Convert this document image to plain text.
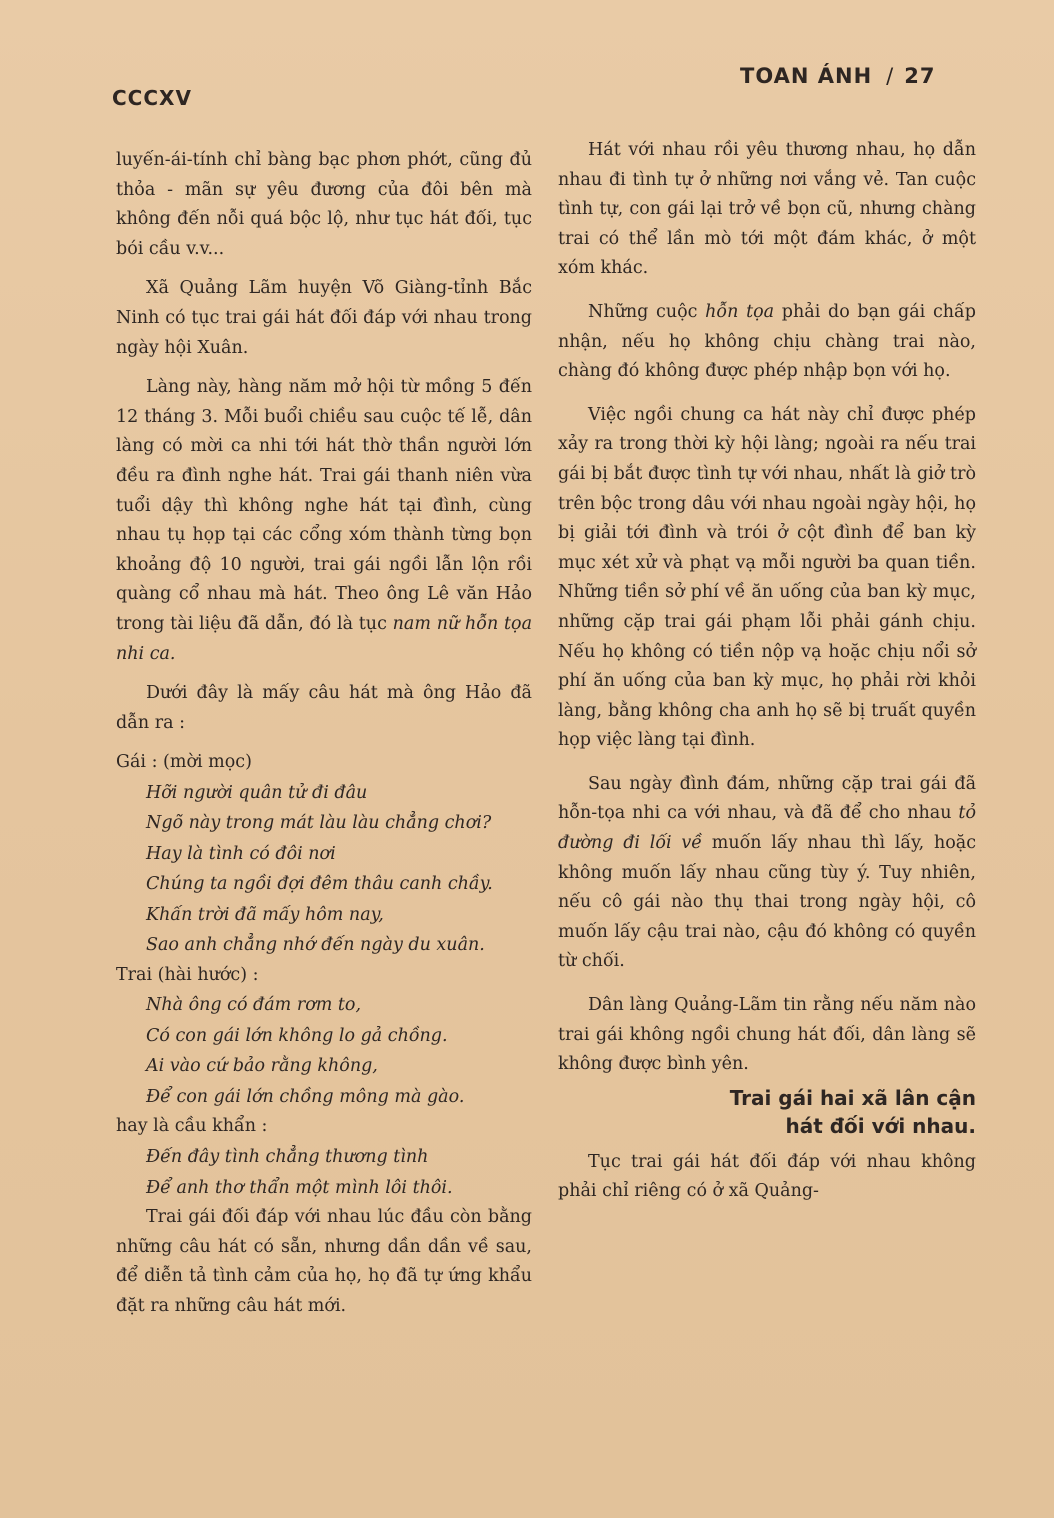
CCCXV
TOAN ÁNH / 27

luyến-ái-tính chỉ bàng bạc phơn phớt, cũng đủ thỏa - mãn sự yêu đương của đôi bên mà không đến nỗi quá bộc lộ, như tục hát đối, tục bói cầu v.v...

Xã Quảng Lãm huyện Võ Giàng-tỉnh Bắc Ninh có tục trai gái hát đối đáp với nhau trong ngày hội Xuân.

Làng này, hàng năm mở hội từ mồng 5 đến 12 tháng 3. Mỗi buổi chiều sau cuộc tế lễ, dân làng có mời ca nhi tới hát thờ thần người lớn đều ra đình nghe hát. Trai gái thanh niên vừa tuổi dậy thì không nghe hát tại đình, cùng nhau tụ họp tại các cổng xóm thành từng bọn khoảng độ 10 người, trai gái ngồi lẫn lộn rồi quàng cổ nhau mà hát. Theo ông Lê văn Hảo trong tài liệu đã dẫn, đó là tục nam nữ hỗn tọa nhi ca.

Dưới đây là mấy câu hát mà ông Hảo đã dẫn ra :

Gái : (mời mọc)

Hỡi người quân tử đi đâu
Ngõ này trong mát làu làu chẳng chơi?
Hay là tình có đôi nơi
Chúng ta ngồi đợi đêm thâu canh chầy.
Khấn trời đã mấy hôm nay,
Sao anh chẳng nhớ đến ngày du xuân.

Trai (hài hước) :

Nhà ông có đám rơm to,
Có con gái lớn không lo gả chồng.
Ai vào cứ bảo rằng không,
Để con gái lớn chồng mông mà gào.

hay là cầu khẩn :

Đến đây tình chẳng thương tình
Để anh thơ thẩn một mình lôi thôi.

Trai gái đối đáp với nhau lúc đầu còn bằng những câu hát có sẵn, nhưng dần dần về sau, để diễn tả tình cảm của họ, họ đã tự ứng khẩu đặt ra những câu hát mới.

Hát với nhau rồi yêu thương nhau, họ dẫn nhau đi tình tự ở những nơi vắng vẻ. Tan cuộc tình tự, con gái lại trở về bọn cũ, nhưng chàng trai có thể lần mò tới một đám khác, ở một xóm khác.

Những cuộc hỗn tọa phải do bạn gái chấp nhận, nếu họ không chịu chàng trai nào, chàng đó không được phép nhập bọn với họ.

Việc ngồi chung ca hát này chỉ được phép xảy ra trong thời kỳ hội làng; ngoài ra nếu trai gái bị bắt được tình tự với nhau, nhất là giở trò trên bộc trong dâu với nhau ngoài ngày hội, họ bị giải tới đình và trói ở cột đình để ban kỳ mục xét xử và phạt vạ mỗi người ba quan tiền. Những tiền sở phí về ăn uống của ban kỳ mục, những cặp trai gái phạm lỗi phải gánh chịu. Nếu họ không có tiền nộp vạ hoặc chịu nổi sở phí ăn uống của ban kỳ mục, họ phải rời khỏi làng, bằng không cha anh họ sẽ bị truất quyền họp việc làng tại đình.

Sau ngày đình đám, những cặp trai gái đã hỗn-tọa nhi ca với nhau, và đã để cho nhau tỏ đường đi lối về muốn lấy nhau thì lấy, hoặc không muốn lấy nhau cũng tùy ý. Tuy nhiên, nếu cô gái nào thụ thai trong ngày hội, cô muốn lấy cậu trai nào, cậu đó không có quyền từ chối.

Dân làng Quảng-Lãm tin rằng nếu năm nào trai gái không ngồi chung hát đối, dân làng sẽ không được bình yên.

Trai gái hai xã lân cận
hát đối với nhau.

Tục trai gái hát đối đáp với nhau không phải chỉ riêng có ở xã Quảng-
